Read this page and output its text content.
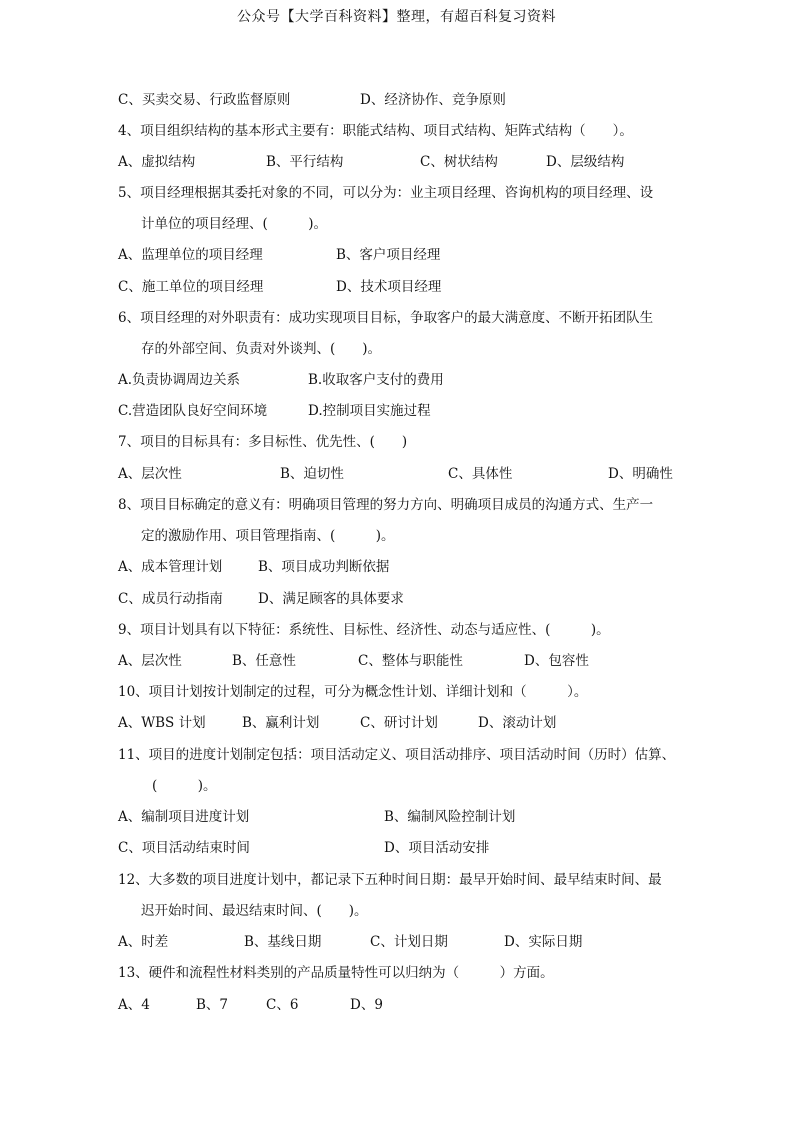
公众号【大学百科资料】整理，有超百科复习资料
C、买卖交易、行政监督原则	D、经济协作、竞争原则
4、项目组织结构的基本形式主要有：职能式结构、项目式结构、矩阵式结构（　　）。
A、虚拟结构	B、平行结构	C、树状结构	D、层级结构
5、项目经理根据其委托对象的不同，可以分为：业主项目经理、咨询机构的项目经理、设
计单位的项目经理、(　　　)。
A、监理单位的项目经理	B、客户项目经理
C、施工单位的项目经理	D、技术项目经理
6、项目经理的对外职责有：成功实现项目目标，争取客户的最大满意度、不断开拓团队生
存的外部空间、负责对外谈判、(　　)。
A.负责协调周边关系	B.收取客户支付的费用
C.营造团队良好空间环境	D.控制项目实施过程
7、项目的目标具有：多目标性、优先性、(　　)
A、层次性	B、迫切性	C、具体性	D、明确性
8、项目目标确定的意义有：明确项目管理的努力方向、明确项目成员的沟通方式、生产一
定的激励作用、项目管理指南、(　　　)。
A、成本管理计划	B、项目成功判断依据
C、成员行动指南	D、满足顾客的具体要求
9、项目计划具有以下特征：系统性、目标性、经济性、动态与适应性、(　　　)。
A、层次性	B、任意性	C、整体与职能性	D、包容性
10、项目计划按计划制定的过程，可分为概念性计划、详细计划和（　　　）。
A、WBS 计划	B、赢利计划	C、研讨计划	D、滚动计划
11、项目的进度计划制定包括：项目活动定义、项目活动排序、项目活动时间（历时）估算、
(　　　)。
A、编制项目进度计划	B、编制风险控制计划
C、项目活动结束时间	D、项目活动安排
12、大多数的项目进度计划中，都记录下五种时间日期：最早开始时间、最早结束时间、最
迟开始时间、最迟结束时间、(　　)。
A、时差	B、基线日期	C、计划日期	D、实际日期
13、硬件和流程性材料类别的产品质量特性可以归纳为（　　　）方面。
A、4	B、7	C、6	D、9
